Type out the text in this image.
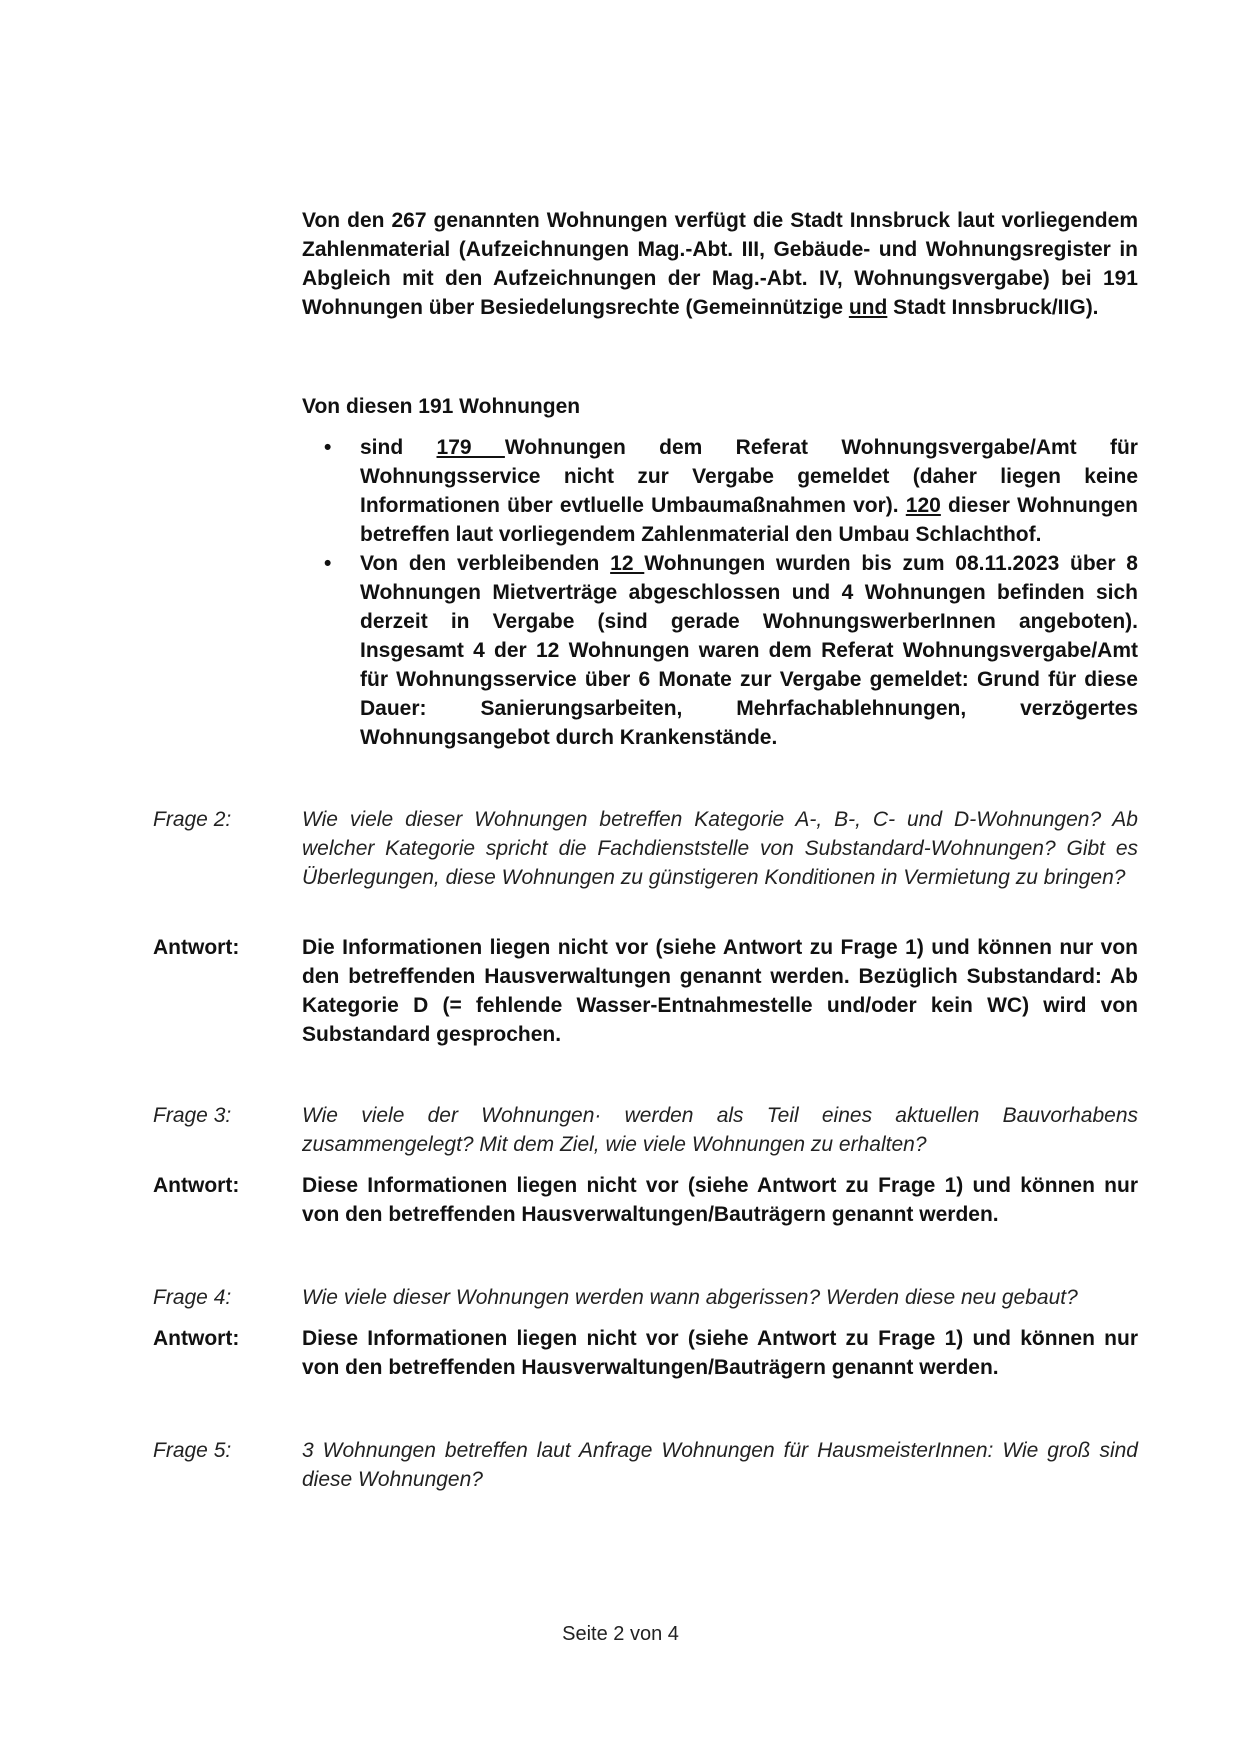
Von den 267 genannten Wohnungen verfügt die Stadt Innsbruck laut vorliegendem Zahlenmaterial (Aufzeichnungen Mag.-Abt. III, Gebäude- und Wohnungsregister in Abgleich mit den Aufzeichnungen der Mag.-Abt. IV, Wohnungsvergabe) bei 191 Wohnungen über Besiedelungsrechte (Gemeinnützige und Stadt Innsbruck/IIG).
Von diesen 191 Wohnungen
• sind 179 Wohnungen dem Referat Wohnungsvergabe/Amt für Wohnungsservice nicht zur Vergabe gemeldet (daher liegen keine Informationen über evtluelle Umbaumaßnahmen vor). 120 dieser Wohnungen betreffen laut vorliegendem Zahlenmaterial den Umbau Schlachthof.
• Von den verbleibenden 12 Wohnungen wurden bis zum 08.11.2023 über 8 Wohnungen Mietverträge abgeschlossen und 4 Wohnungen befinden sich derzeit in Vergabe (sind gerade WohnungswerberInnen angeboten). Insgesamt 4 der 12 Wohnungen waren dem Referat Wohnungsvergabe/Amt für Wohnungsservice über 6 Monate zur Vergabe gemeldet: Grund für diese Dauer: Sanierungsarbeiten, Mehrfachablehnungen, verzögertes Wohnungsangebot durch Krankenstände.
Frage 2:	Wie viele dieser Wohnungen betreffen Kategorie A-, B-, C- und D-Wohnungen? Ab welcher Kategorie spricht die Fachdienststelle von Substandard-Wohnungen? Gibt es Überlegungen, diese Wohnungen zu günstigeren Konditionen in Vermietung zu bringen?
Antwort:	Die Informationen liegen nicht vor (siehe Antwort zu Frage 1) und können nur von den betreffenden Hausverwaltungen genannt werden. Bezüglich Substandard: Ab Kategorie D (= fehlende Wasser-Entnahmestelle und/oder kein WC) wird von Substandard gesprochen.
Frage 3:	Wie viele der Wohnungen· werden als Teil eines aktuellen Bauvorhabens zusammengelegt? Mit dem Ziel, wie viele Wohnungen zu erhalten?
Antwort:	Diese Informationen liegen nicht vor (siehe Antwort zu Frage 1) und können nur von den betreffenden Hausverwaltungen/Bauträgern genannt werden.
Frage 4:	Wie viele dieser Wohnungen werden wann abgerissen? Werden diese neu gebaut?
Antwort:	Diese Informationen liegen nicht vor (siehe Antwort zu Frage 1) und können nur von den betreffenden Hausverwaltungen/Bauträgern genannt werden.
Frage 5:	3 Wohnungen betreffen laut Anfrage Wohnungen für HausmeisterInnen: Wie groß sind diese Wohnungen?
Seite 2 von 4
